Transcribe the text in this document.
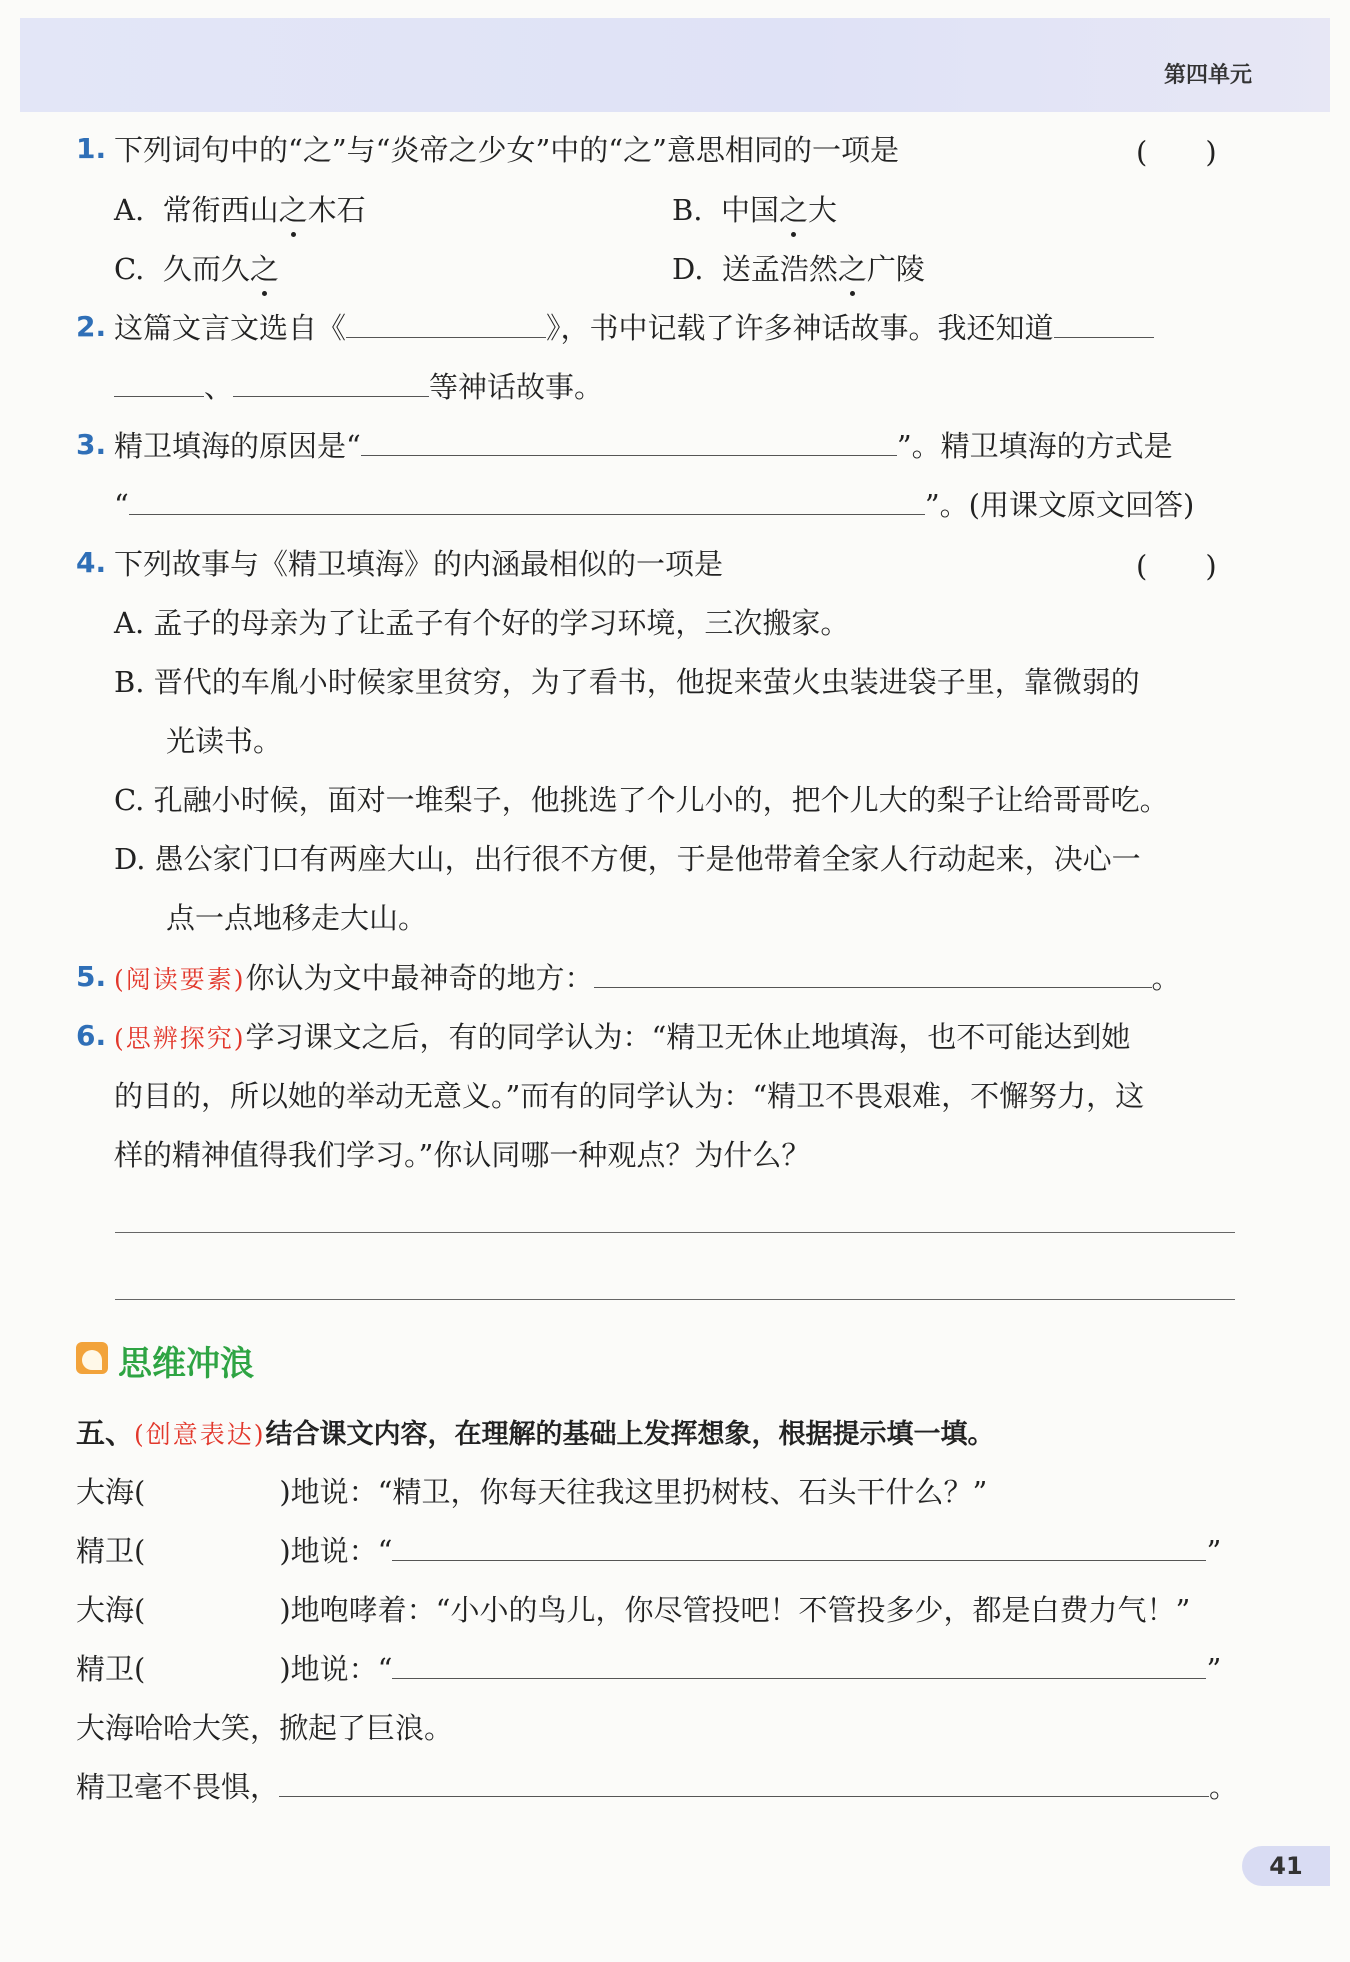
第四单元
1. 下列词句中的“之”与“炎帝之少女”中的“之”意思相同的一项是	(　　)
A. 常衔西山之木石	B. 中国之大
C. 久而久之	D. 送孟浩然之广陵
2. 这篇文言文选自《	》，书中记载了许多神话故事。我还知道
、	等神话故事。
3. 精卫填海的原因是“	”。精卫填海的方式是
“	”。(用课文原文回答)
4. 下列故事与《精卫填海》的内涵最相似的一项是	(　　)
A. 孟子的母亲为了让孟子有个好的学习环境，三次搬家。
B. 晋代的车胤小时候家里贫穷，为了看书，他捉来萤火虫装进袋子里，靠微弱的
光读书。
C. 孔融小时候，面对一堆梨子，他挑选了个儿小的，把个儿大的梨子让给哥哥吃。
D. 愚公家门口有两座大山，出行很不方便，于是他带着全家人行动起来，决心一
点一点地移走大山。
5. (阅读要素)你认为文中最神奇的地方：	。
6. (思辨探究)学习课文之后，有的同学认为：“精卫无休止地填海，也不可能达到她
的目的，所以她的举动无意义。”而有的同学认为：“精卫不畏艰难，不懈努力，这
样的精神值得我们学习。”你认同哪一种观点？为什么？
思维冲浪
五、(创意表达)结合课文内容，在理解的基础上发挥想象，根据提示填一填。
大海(	)地说：“精卫，你每天往我这里扔树枝、石头干什么？”
精卫(	)地说：“	”
大海(	)地咆哮着：“小小的鸟儿，你尽管投吧！不管投多少，都是白费力气！”
精卫(	)地说：“	”
大海哈哈大笑，掀起了巨浪。
精卫毫不畏惧，	。
41
